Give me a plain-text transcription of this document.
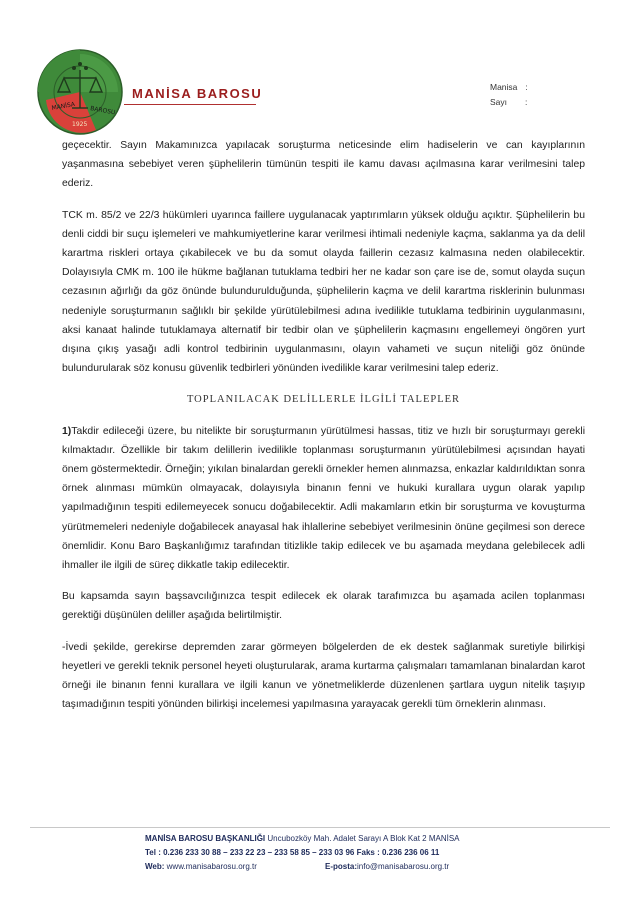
MANİSA BAROSU
1925
MANİSA BAROSU	Manisa :
Sayı :

geçecektir. Sayın Makamınızca yapılacak soruşturma neticesinde elim hadiselerin ve can kayıplarının yaşanmasına sebebiyet veren şüphelilerin tümünün tespiti ile kamu davası açılmasına karar verilmesini talep ederiz.

TCK m. 85/2 ve 22/3 hükümleri uyarınca faillere uygulanacak yaptırımların yüksek olduğu açıktır. Şüphelilerin bu denli ciddi bir suçu işlemeleri ve mahkumiyetlerine karar verilmesi ihtimali nedeniyle kaçma, saklanma ya da delil karartma riskleri ortaya çıkabilecek ve bu da somut olayda faillerin cezasız kalmasına neden olabilecektir. Dolayısıyla CMK m. 100 ile hükme bağlanan tutuklama tedbiri her ne kadar son çare ise de, somut olayda suçun cezasının ağırlığı da göz önünde bulundurulduğunda, şüphelilerin kaçma ve delil karartma risklerinin bulunması nedeniyle soruşturmanın sağlıklı bir şekilde yürütülebilmesi adına ivedilikle tutuklama tedbirinin uygulanmasını, aksi kanaat halinde tutuklamaya alternatif bir tedbir olan ve şüphelilerin kaçmasını engellemeyi öngören yurt dışına çıkış yasağı adli kontrol tedbirinin uygulanmasını, olayın vahameti ve suçun niteliği göz önünde bulundurularak söz konusu güvenlik tedbirleri yönünden ivedilikle karar verilmesini talep ederiz.

TOPLANILACAK DELİLLERLE İLGİLİ TALEPLER

1)Takdir edileceği üzere, bu nitelikte bir soruşturmanın yürütülmesi hassas, titiz ve hızlı bir soruşturmayı gerekli kılmaktadır. Özellikle bir takım delillerin ivedilikle toplanması soruşturmanın yürütülebilmesi açısından hayati önem göstermektedir. Örneğin; yıkılan binalardan gerekli örnekler hemen alınmazsa, enkazlar kaldırıldıktan sonra örnek alınması mümkün olmayacak, dolayısıyla binanın fenni ve hukuki kurallara uygun olarak yapılıp yapılmadığının tespiti edilemeyecek sonucu doğabilecektir. Adli makamların etkin bir soruşturma ve kovuşturma yürütmemeleri nedeniyle doğabilecek anayasal hak ihlallerine sebebiyet verilmesinin önüne geçilmesi son derece önemlidir. Konu Baro Başkanlığımız tarafından titizlikle takip edilecek ve bu aşamada meydana gelebilecek adli ihmaller ile ilgili de süreç dikkatle takip edilecektir.

Bu kapsamda sayın başsavcılığınızca tespit edilecek ek olarak tarafımızca bu aşamada acilen toplanması gerektiği düşünülen deliller aşağıda belirtilmiştir.

-İvedi şekilde, gerekirse depremden zarar görmeyen bölgelerden de ek destek sağlanmak suretiyle bilirkişi heyetleri ve gerekli teknik personel heyeti oluşturularak, arama kurtarma çalışmaları tamamlanan binalardan karot örneği ile binanın fenni kurallara ve ilgili kanun ve yönetmeliklerde düzenlenen şartlara uygun nitelik taşıyıp taşımadığının tespiti yönünden bilirkişi incelemesi yapılmasına yarayacak gerekli tüm örneklerin alınması.

MANİSA BAROSU BAŞKANLIĞI Uncubozköy Mah. Adalet Sarayı A Blok Kat 2 MANİSA
Tel : 0.236 233 30 88 – 233 22 23 – 233 58 85 – 233 03 96 Faks : 0.236 236 06 11
Web: www.manisabarosu.org.tr	E-posta:info@manisabarosu.org.tr
